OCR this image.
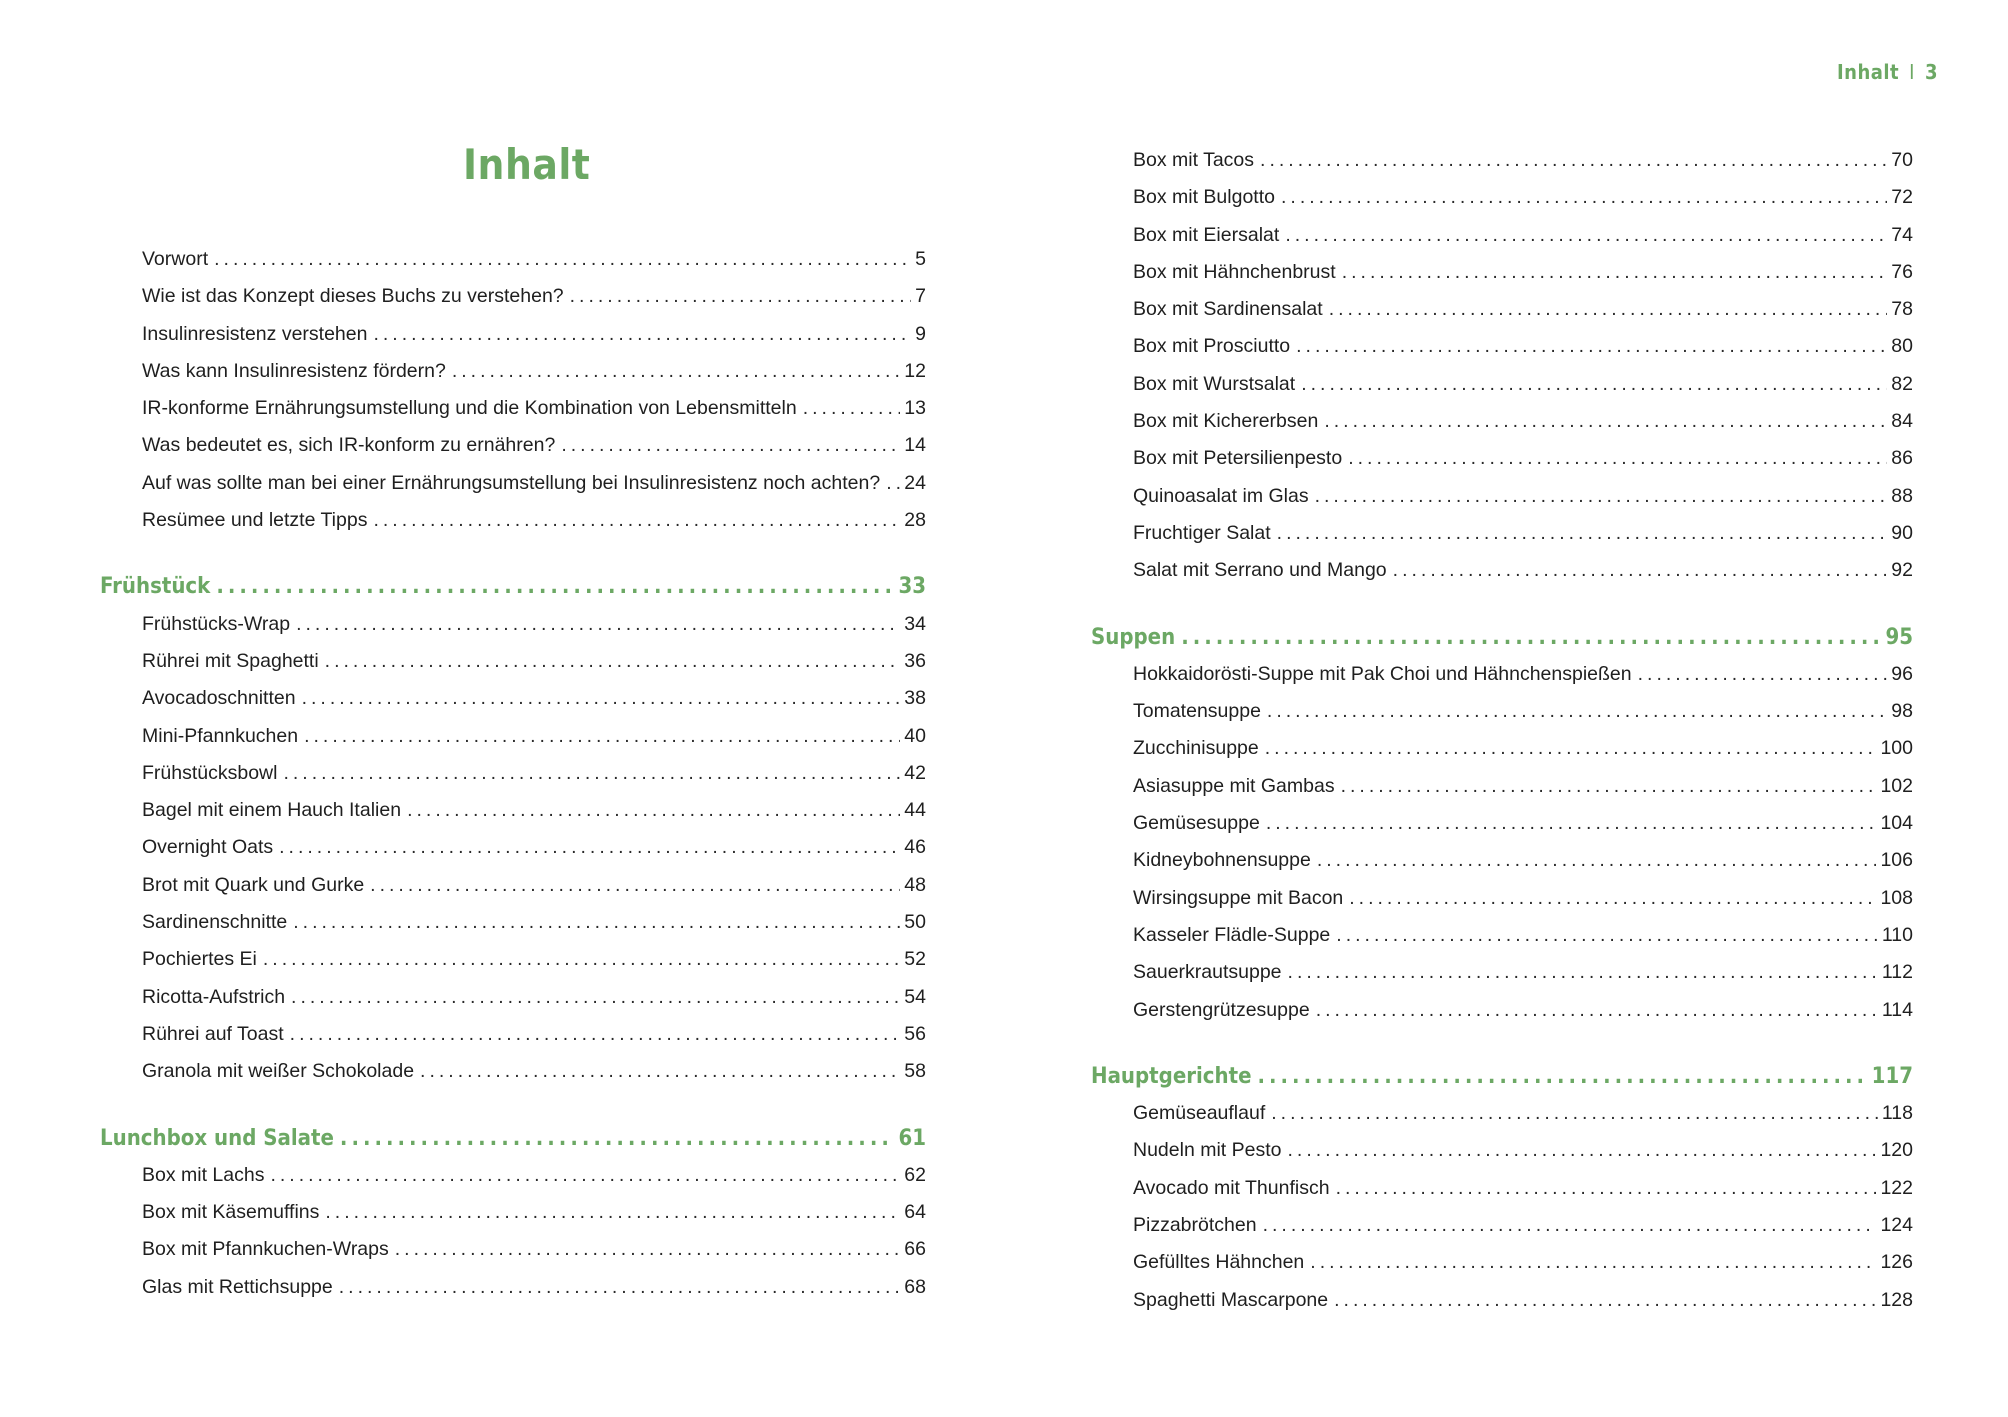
Inhalt I 3
Inhalt
Vorwort .....	5
Wie ist das Konzept dieses Buchs zu verstehen? .....	7
Insulinresistenz verstehen .....	9
Was kann Insulinresistenz fördern? .....	12
IR-konforme Ernährungsumstellung und die Kombination von Lebensmitteln .....	13
Was bedeutet es, sich IR-konform zu ernähren? .....	14
Auf was sollte man bei einer Ernährungsumstellung bei Insulinresistenz noch achten? ..... 24
Resümee und letzte Tipps .....	28
Frühstück .....	33
Frühstücks-Wrap .....	34
Rührei mit Spaghetti .....	36
Avocadoschnitten .....	38
Mini-Pfannkuchen .....	40
Frühstücksbowl .....	42
Bagel mit einem Hauch Italien .....	44
Overnight Oats .....	46
Brot mit Quark und Gurke .....	48
Sardinenschnitte .....	50
Pochiertes Ei .....	52
Ricotta-Aufstrich .....	54
Rührei auf Toast .....	56
Granola mit weißer Schokolade .....	58
Lunchbox und Salate .....	61
Box mit Lachs .....	62
Box mit Käsemuffins .....	64
Box mit Pfannkuchen-Wraps .....	66
Glas mit Rettichsuppe .....	68
Box mit Tacos .....	70
Box mit Bulgotto .....	72
Box mit Eiersalat .....	74
Box mit Hähnchenbrust .....	76
Box mit Sardinensalat .....	78
Box mit Prosciutto .....	80
Box mit Wurstsalat .....	82
Box mit Kichererbsen .....	84
Box mit Petersilienpesto .....	86
Quinoasalat im Glas .....	88
Fruchtiger Salat .....	90
Salat mit Serrano und Mango .....	92
Suppen .....	95
Hokkaidorösti-Suppe mit Pak Choi und Hähnchenspießen .....	96
Tomatensuppe .....	98
Zucchinisuppe .....	100
Asiasuppe mit Gambas .....	102
Gemüsesuppe .....	104
Kidneybohnensuppe .....	106
Wirsingsuppe mit Bacon .....	108
Kasseler Flädle-Suppe .....	110
Sauerkrautsuppe .....	112
Gerstengrützesuppe .....	114
Hauptgerichte .....	117
Gemüseauflauf .....	118
Nudeln mit Pesto .....	120
Avocado mit Thunfisch .....	122
Pizzabrötchen .....	124
Gefülltes Hähnchen .....	126
Spaghetti Mascarpone .....	128
